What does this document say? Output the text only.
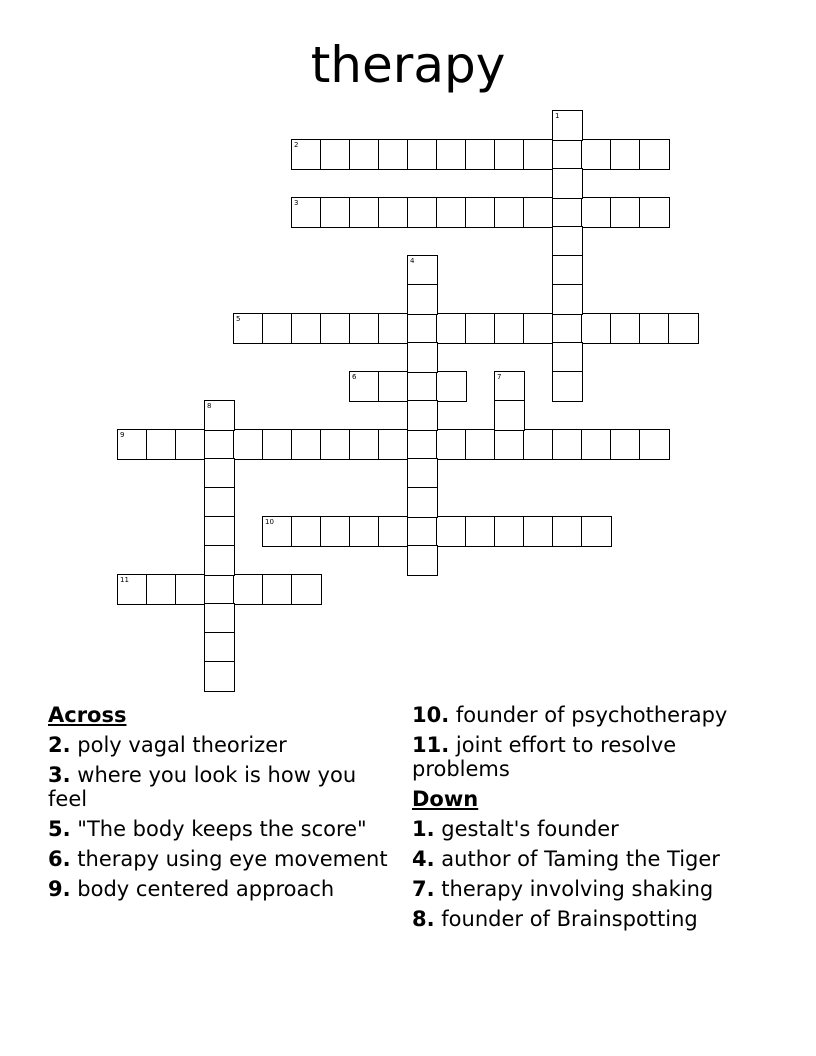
therapy
2
3
5
6
9
10
11
1
4
7
8
Across
2. poly vagal theorizer
3. where you look is how you feel
5. "The body keeps the score"
6. therapy using eye movement
9. body centered approach
10. founder of psychotherapy
11. joint effort to resolve problems
Down
1. gestalt's founder
4. author of Taming the Tiger
7. therapy involving shaking
8. founder of Brainspotting
